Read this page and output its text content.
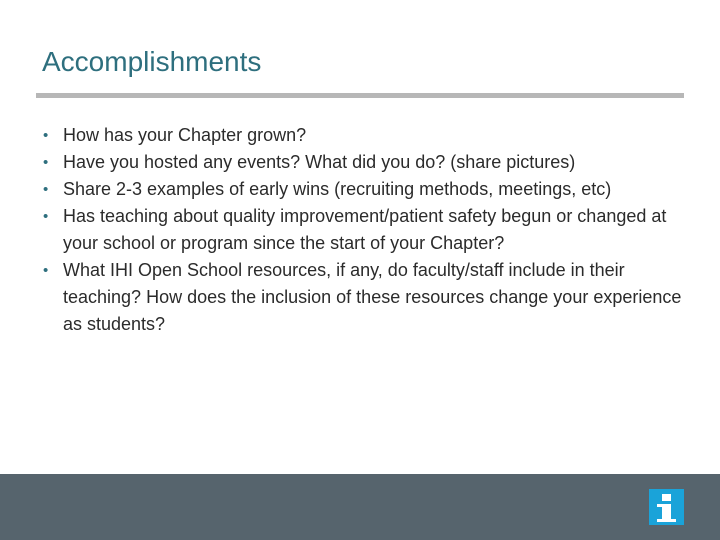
Accomplishments
• How has your Chapter grown?
• Have you hosted any events? What did you do? (share pictures)
• Share 2-3 examples of early wins (recruiting methods, meetings, etc)
• Has teaching about quality improvement/patient safety begun or changed at your school or program since the start of your Chapter?
• What IHI Open School resources, if any, do faculty/staff include in their teaching? How does the inclusion of these resources change your experience as students?
